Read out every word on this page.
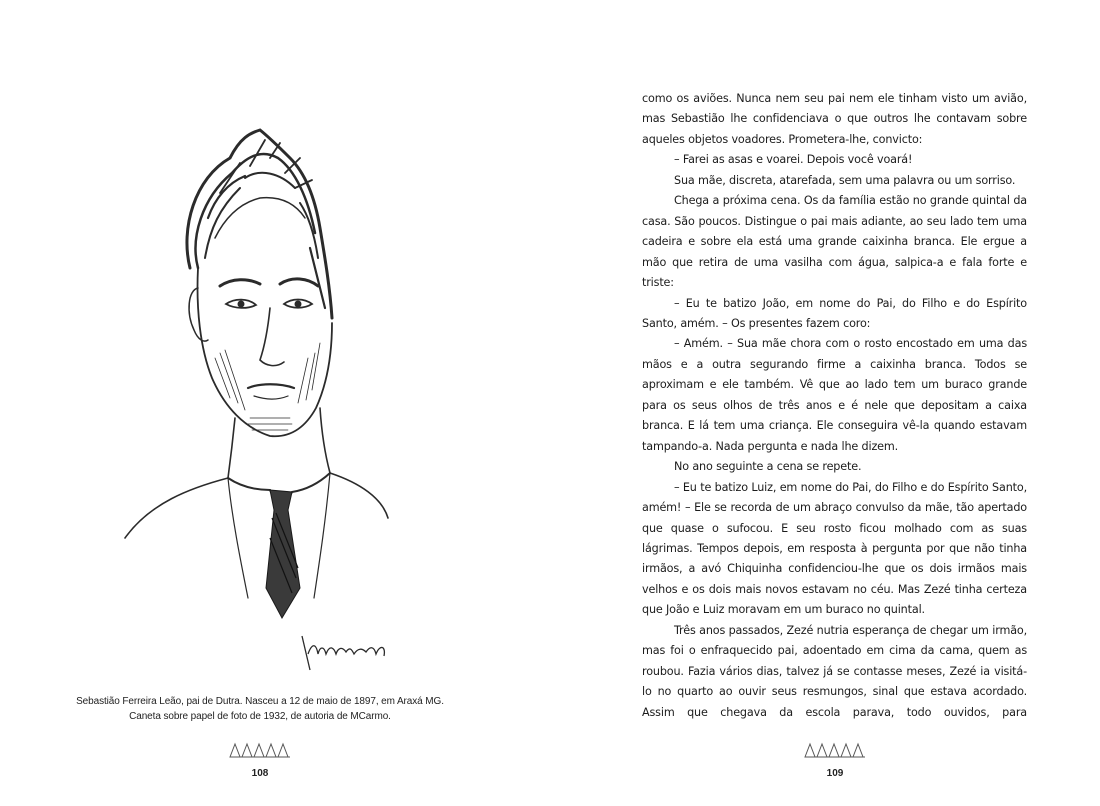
Sebastião Ferreira Leão, pai de Dutra. Nasceu a 12 de maio de 1897, em Araxá MG.
Caneta sobre papel de foto de 1932, de autoria de MCarmo.
108

como os aviões. Nunca nem seu pai nem ele tinham visto um avião, mas Sebastião lhe confidenciava o que outros lhe contavam sobre aqueles objetos voadores. Prometera-lhe, convicto:

– Farei as asas e voarei. Depois você voará!

Sua mãe, discreta, atarefada, sem uma palavra ou um sorriso.

Chega a próxima cena. Os da família estão no grande quintal da casa. São poucos. Distingue o pai mais adiante, ao seu lado tem uma cadeira e sobre ela está uma grande caixinha branca. Ele ergue a mão que retira de uma vasilha com água, salpica-a e fala forte e triste:

– Eu te batizo João, em nome do Pai, do Filho e do Espírito Santo, amém. – Os presentes fazem coro:

– Amém. – Sua mãe chora com o rosto encostado em uma das mãos e a outra segurando firme a caixinha branca. Todos se aproximam e ele também. Vê que ao lado tem um buraco grande para os seus olhos de três anos e é nele que depositam a caixa branca. E lá tem uma criança. Ele conseguira vê-la quando estavam tampando-a. Nada pergunta e nada lhe dizem.

No ano seguinte a cena se repete.

– Eu te batizo Luiz, em nome do Pai, do Filho e do Espírito Santo, amém! – Ele se recorda de um abraço convulso da mãe, tão apertado que quase o sufocou. E seu rosto ficou molhado com as suas lágrimas. Tempos depois, em resposta à pergunta por que não tinha irmãos, a avó Chiquinha confidenciou-lhe que os dois irmãos mais velhos e os dois mais novos estavam no céu. Mas Zezé tinha certeza que João e Luiz moravam em um buraco no quintal.

Três anos passados, Zezé nutria esperança de chegar um irmão, mas foi o enfraquecido pai, adoentado em cima da cama, quem as roubou. Fazia vários dias, talvez já se contasse meses, Zezé ia visitá-lo no quarto ao ouvir seus resmungos, sinal que estava acordado. Assim que chegava da escola parava, todo ouvidos, para

109
